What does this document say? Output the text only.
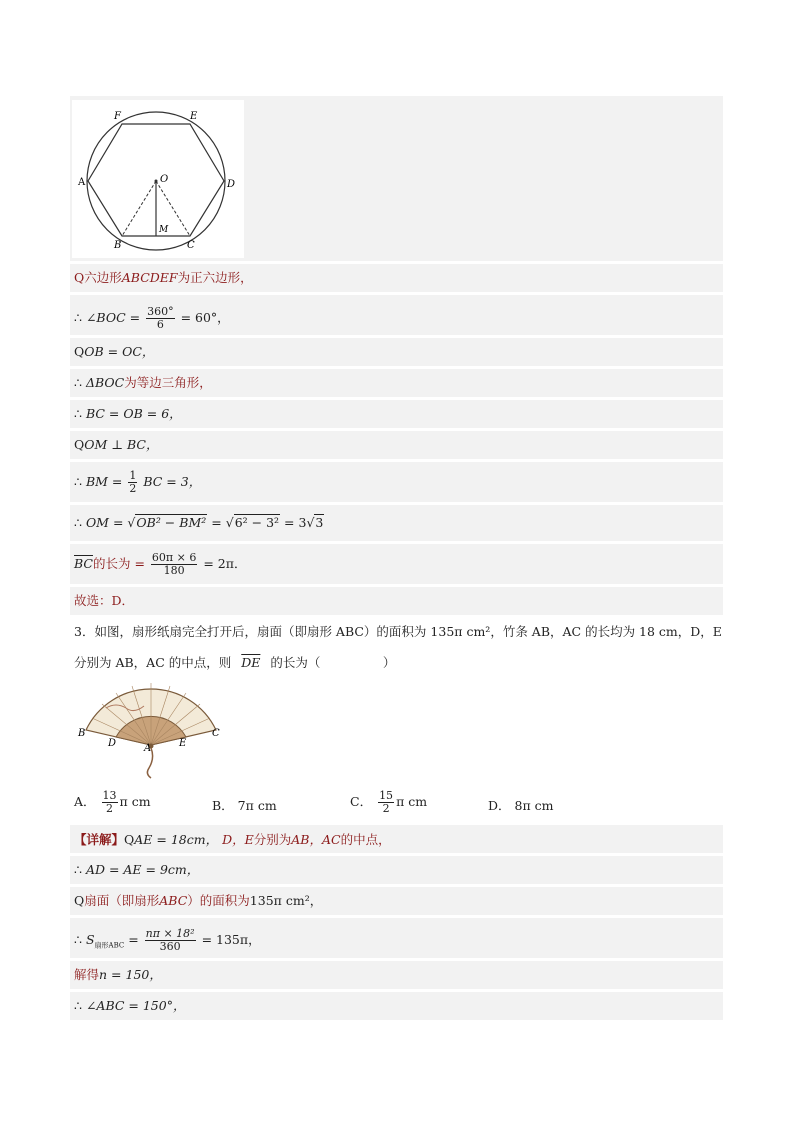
F	E
A	D
O
B
M
C
Q六边形ABCDEF为正六边形，
∴ ∠BOC = $\frac{360^\circ}{6} = 60^\circ$，
QOB = OC，
∴ ΔBOC为等边三角形，
∴ BC = OB = 6，
QOM ⊥ BC，
∴ BM = $\frac{1}{2}$ BC = 3，
∴ OM = √OB² − BM² = √6² − 3² = 3√3
$\overline{BC}$的长为 = $\frac{60\pi \times 6}{180} = 2\pi$．
故选：D．
3．如图，扇形纸扇完全打开后，扇面（即扇形 ABC）的面积为 135π cm²，竹条 AB，AC 的长均为 18 cm，D，E
分别为 AB，AC 的中点，则 $\overline{DE}$ 的长为（　　　　　）
B
D	A	E
C
A． $\frac{13}{2}$ π cm	B． 7π cm	C． $\frac{15}{2}$ π cm	D． 8π cm
【详解】QAE = 18cm， D，E分别为AB，AC的中点，
∴ AD = AE = 9cm，
Q扇面（即扇形ABC）的面积为135π cm²，
∴ $S_{扇形ABC} = \frac{\text{nπ × 18²}}{360} = 135\pi$，
解得n = 150，
∴ ∠ABC = 150°，
